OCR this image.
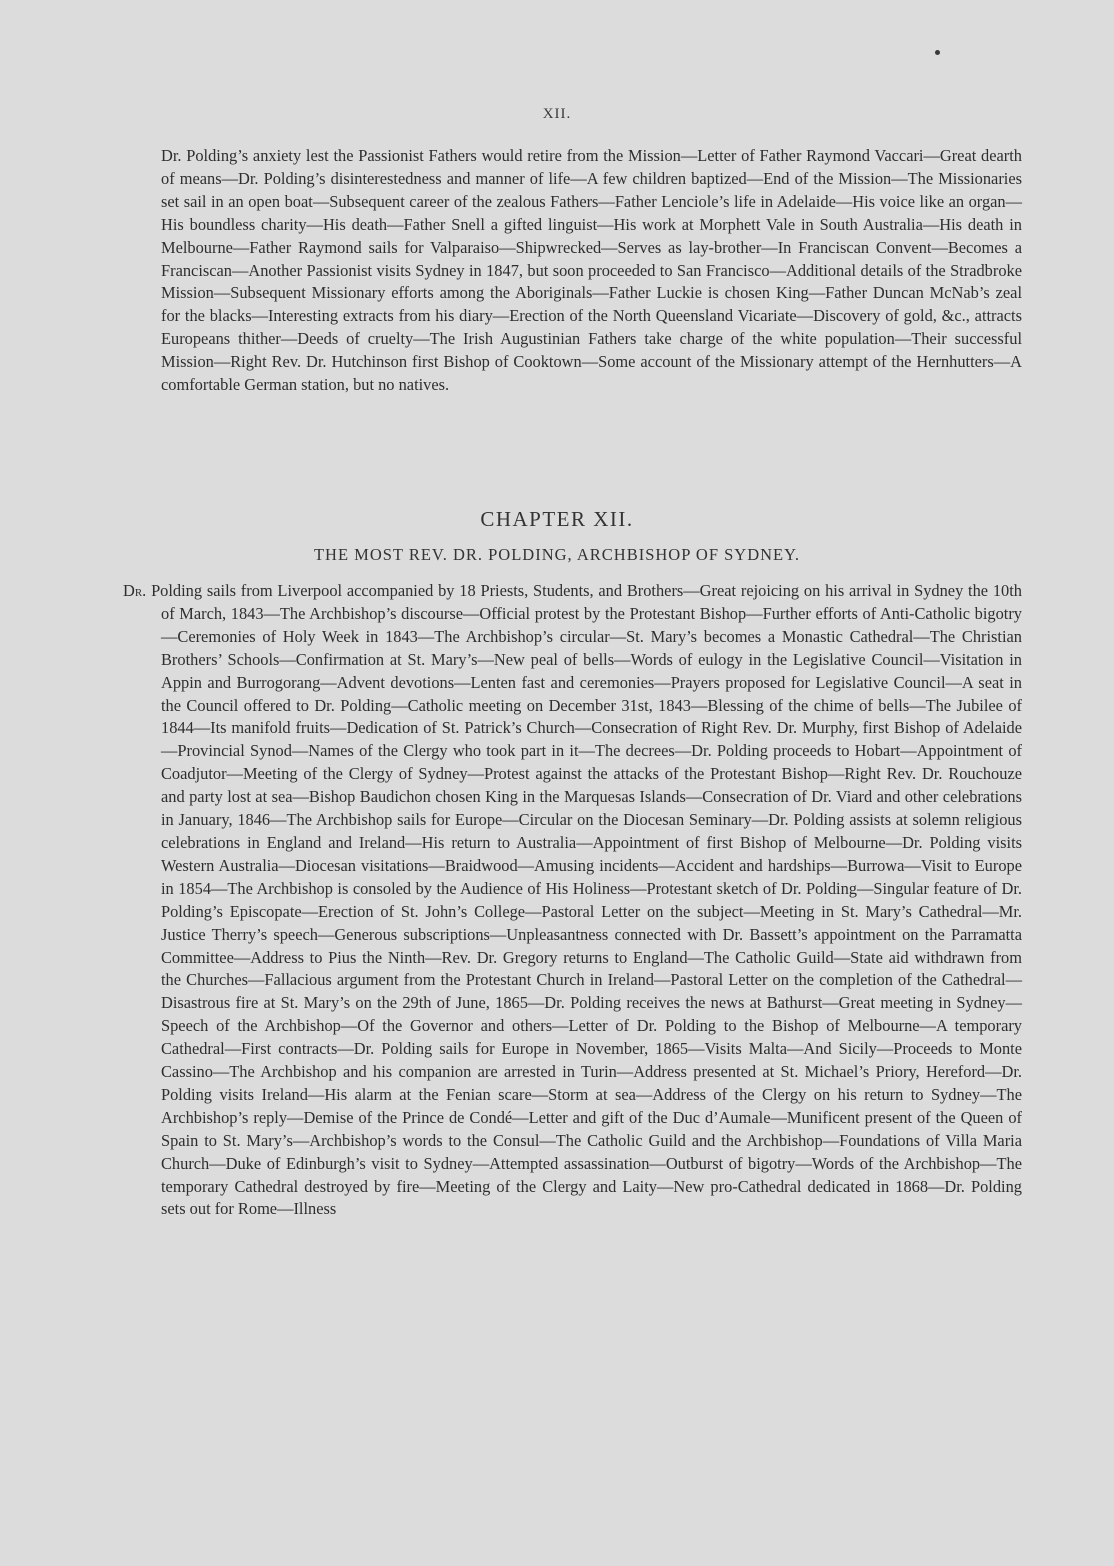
XII.

Dr. Polding’s anxiety lest the Passionist Fathers would retire from the Mission—Letter of Father Raymond Vaccari—Great dearth of means—Dr. Polding’s disinterestedness and manner of life—A few children baptized—End of the Mission—The Missionaries set sail in an open boat—Subsequent career of the zealous Fathers—Father Lenciole’s life in Adelaide—His voice like an organ—His boundless charity—His death—Father Snell a gifted linguist—His work at Morphett Vale in South Australia—His death in Melbourne—Father Raymond sails for Valparaiso—Shipwrecked—Serves as lay-brother—In Franciscan Convent—Becomes a Franciscan—Another Passionist visits Sydney in 1847, but soon proceeded to San Francisco—Additional details of the Stradbroke Mission—Subsequent Missionary efforts among the Aboriginals—Father Luckie is chosen King—Father Duncan McNab’s zeal for the blacks—Interesting extracts from his diary—Erection of the North Queensland Vicariate—Discovery of gold, &c., attracts Europeans thither—Deeds of cruelty—The Irish Augustinian Fathers take charge of the white population—Their successful Mission—Right Rev. Dr. Hutchinson first Bishop of Cooktown—Some account of the Missionary attempt of the Hernhutters—A comfortable German station, but no natives.

CHAPTER XII.
THE MOST REV. DR. POLDING, ARCHBISHOP OF SYDNEY.

Dr. Polding sails from Liverpool accompanied by 18 Priests, Students, and Brothers—Great rejoicing on his arrival in Sydney the 10th of March, 1843—The Archbishop’s discourse—Official protest by the Protestant Bishop—Further efforts of Anti-Catholic bigotry—Ceremonies of Holy Week in 1843—The Archbishop’s circular—St. Mary’s becomes a Monastic Cathedral—The Christian Brothers’ Schools—Confirmation at St. Mary’s—New peal of bells—Words of eulogy in the Legislative Council—Visitation in Appin and Burrogorang—Advent devotions—Lenten fast and ceremonies—Prayers proposed for Legislative Council—A seat in the Council offered to Dr. Polding—Catholic meeting on December 31st, 1843—Blessing of the chime of bells—The Jubilee of 1844—Its manifold fruits—Dedication of St. Patrick’s Church—Consecration of Right Rev. Dr. Murphy, first Bishop of Adelaide—Provincial Synod—Names of the Clergy who took part in it—The decrees—Dr. Polding proceeds to Hobart—Appointment of Coadjutor—Meeting of the Clergy of Sydney—Protest against the attacks of the Protestant Bishop—Right Rev. Dr. Rouchouze and party lost at sea—Bishop Baudichon chosen King in the Marquesas Islands—Consecration of Dr. Viard and other celebrations in January, 1846—The Archbishop sails for Europe—Circular on the Diocesan Seminary—Dr. Polding assists at solemn religious celebrations in England and Ireland—His return to Australia—Appointment of first Bishop of Melbourne—Dr. Polding visits Western Australia—Diocesan visitations—Braidwood—Amusing incidents—Accident and hardships—Burrowa—Visit to Europe in 1854—The Archbishop is consoled by the Audience of His Holiness—Protestant sketch of Dr. Polding—Singular feature of Dr. Polding’s Episcopate—Erection of St. John’s College—Pastoral Letter on the subject—Meeting in St. Mary’s Cathedral—Mr. Justice Therry’s speech—Generous subscriptions—Unpleasantness connected with Dr. Bassett’s appointment on the Parramatta Committee—Address to Pius the Ninth—Rev. Dr. Gregory returns to England—The Catholic Guild—State aid withdrawn from the Churches—Fallacious argument from the Protestant Church in Ireland—Pastoral Letter on the completion of the Cathedral—Disastrous fire at St. Mary’s on the 29th of June, 1865—Dr. Polding receives the news at Bathurst—Great meeting in Sydney—Speech of the Archbishop—Of the Governor and others—Letter of Dr. Polding to the Bishop of Melbourne—A temporary Cathedral—First contracts—Dr. Polding sails for Europe in November, 1865—Visits Malta—And Sicily—Proceeds to Monte Cassino—The Archbishop and his companion are arrested in Turin—Address presented at St. Michael’s Priory, Hereford—Dr. Polding visits Ireland—His alarm at the Fenian scare—Storm at sea—Address of the Clergy on his return to Sydney—The Archbishop’s reply—Demise of the Prince de Condé—Letter and gift of the Duc d’Aumale—Munificent present of the Queen of Spain to St. Mary’s—Archbishop’s words to the Consul—The Catholic Guild and the Archbishop—Foundations of Villa Maria Church—Duke of Edinburgh’s visit to Sydney—Attempted assassination—Outburst of bigotry—Words of the Archbishop—The temporary Cathedral destroyed by fire—Meeting of the Clergy and Laity—New pro-Cathedral dedicated in 1868—Dr. Polding sets out for Rome—Illness
